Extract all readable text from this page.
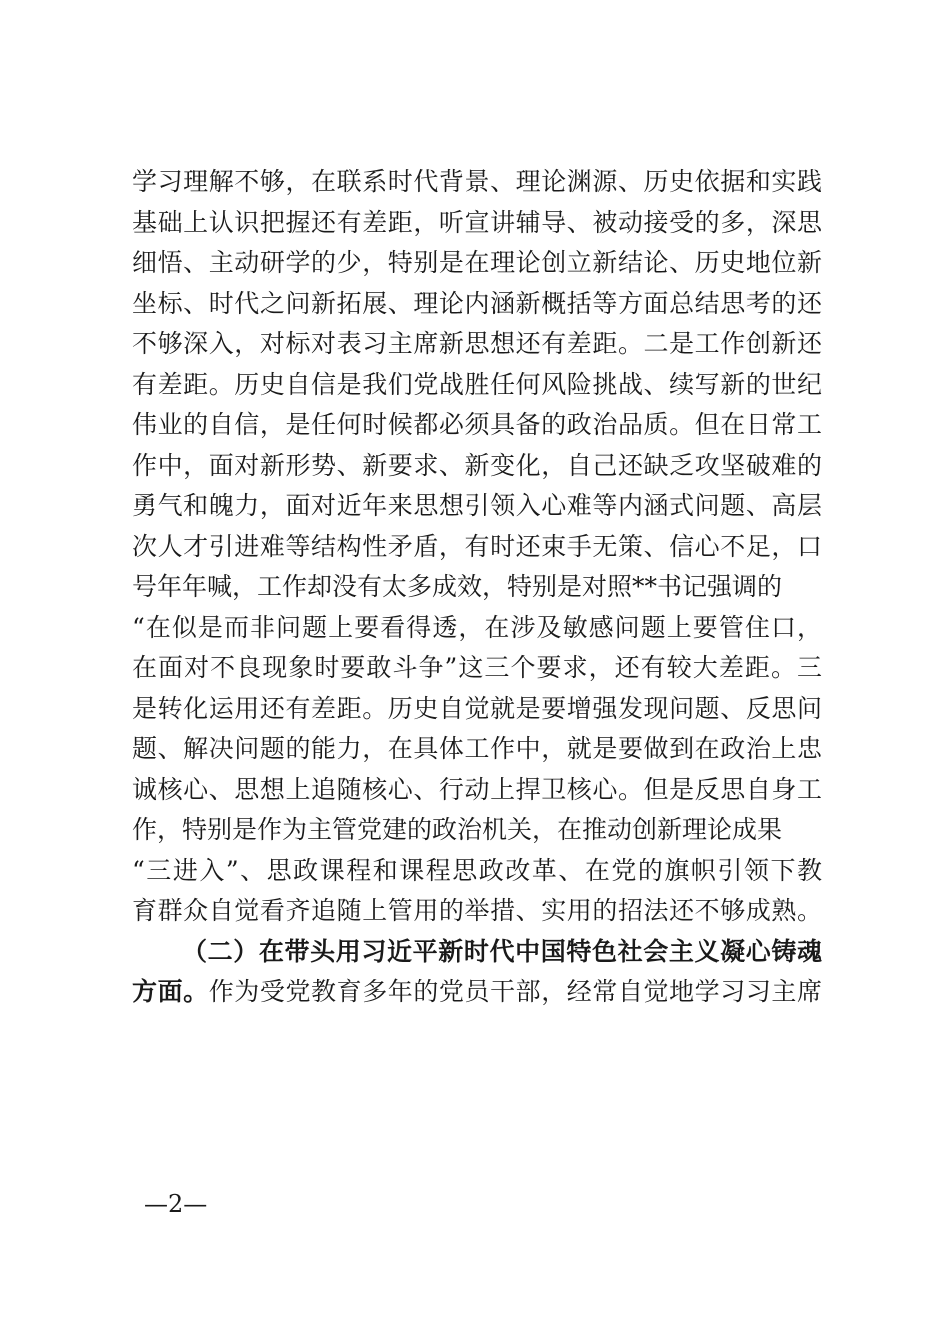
学习理解不够，在联系时代背景、理论渊源、历史依据和实践
基础上认识把握还有差距，听宣讲辅导、被动接受的多，深思
细悟、主动研学的少，特别是在理论创立新结论、历史地位新
坐标、时代之问新拓展、理论内涵新概括等方面总结思考的还
不够深入，对标对表习主席新思想还有差距。二是工作创新还
有差距。历史自信是我们党战胜任何风险挑战、续写新的世纪
伟业的自信，是任何时候都必须具备的政治品质。但在日常工
作中，面对新形势、新要求、新变化，自己还缺乏攻坚破难的
勇气和魄力，面对近年来思想引领入心难等内涵式问题、高层
次人才引进难等结构性矛盾，有时还束手无策、信心不足，口
号年年喊，工作却没有太多成效，特别是对照**书记强调的
“在似是而非问题上要看得透，在涉及敏感问题上要管住口，
在面对不良现象时要敢斗争”这三个要求，还有较大差距。三
是转化运用还有差距。历史自觉就是要增强发现问题、反思问
题、解决问题的能力，在具体工作中，就是要做到在政治上忠
诚核心、思想上追随核心、行动上捍卫核心。但是反思自身工
作，特别是作为主管党建的政治机关，在推动创新理论成果
“三进入”、思政课程和课程思政改革、在党的旗帜引领下教
育群众自觉看齐追随上管用的举措、实用的招法还不够成熟。
（二）在带头用习近平新时代中国特色社会主义凝心铸魂
方面。作为受党教育多年的党员干部，经常自觉地学习习主席
—2—
